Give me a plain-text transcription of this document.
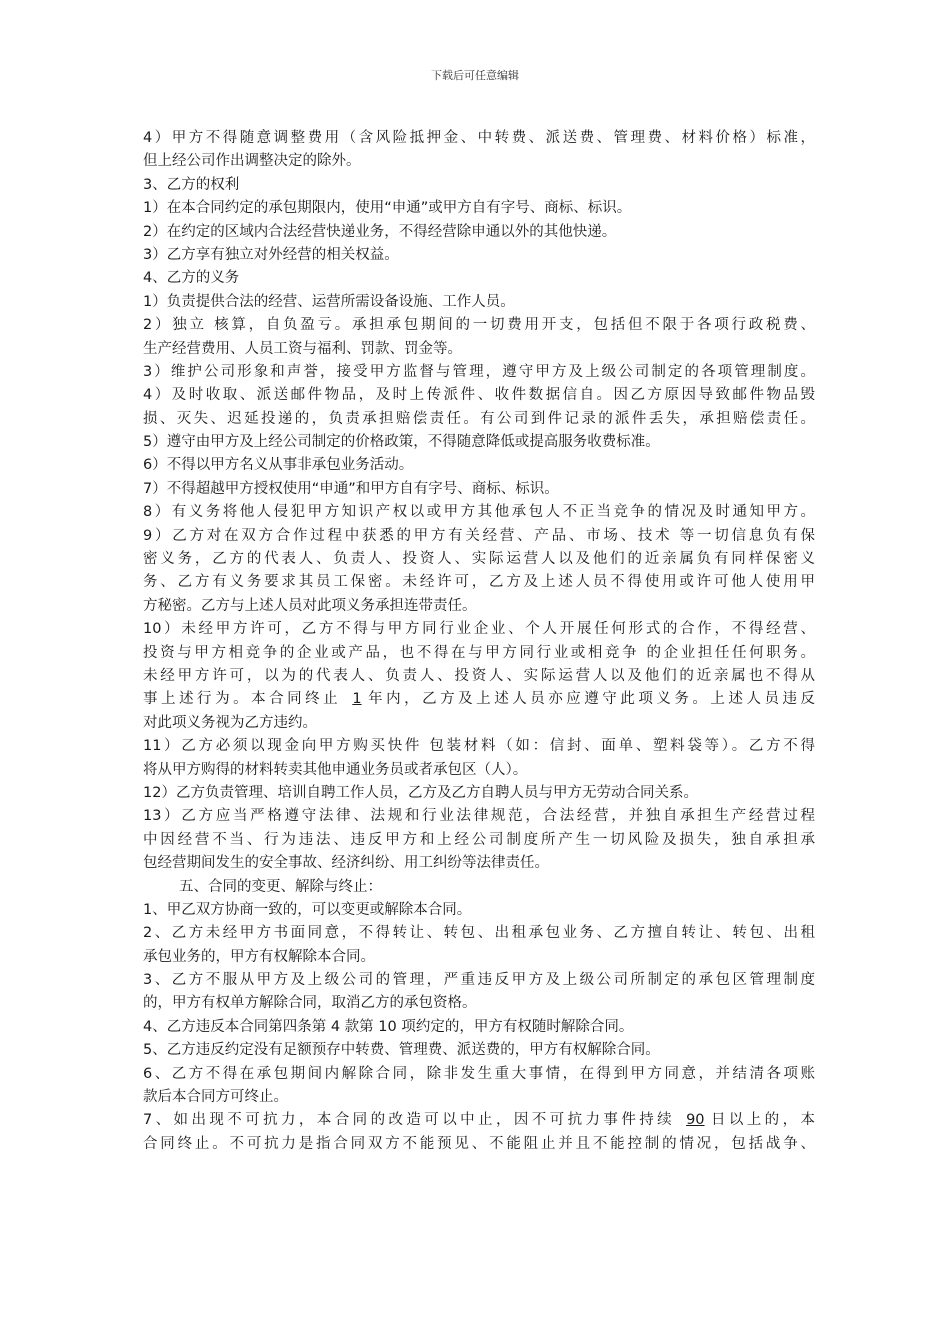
下载后可任意编辑
4）甲方不得随意调整费用（含风险抵押金、中转费、派送费、管理费、材料价格）标准，
但上经公司作出调整决定的除外。
3、乙方的权利
1）在本合同约定的承包期限内，使用“申通”或甲方自有字号、商标、标识。
2）在约定的区域内合法经营快递业务，不得经营除申通以外的其他快递。
3）乙方享有独立对外经营的相关权益。
4、乙方的义务
1）负责提供合法的经营、运营所需设备设施、工作人员。
2）独立 核算，自负盈亏。承担承包期间的一切费用开支，包括但不限于各项行政税费、
生产经营费用、人员工资与福利、罚款、罚金等。
3）维护公司形象和声誉，接受甲方监督与管理，遵守甲方及上级公司制定的各项管理制度。
4）及时收取、派送邮件物品，及时上传派件、收件数据信自。因乙方原因导致邮件物品毁
损、灭失、迟延投递的，负责承担赔偿责任。有公司到件记录的派件丢失，承担赔偿责任。
5）遵守由甲方及上经公司制定的价格政策，不得随意降低或提高服务收费标准。
6）不得以甲方名义从事非承包业务活动。
7）不得超越甲方授权使用“申通”和甲方自有字号、商标、标识。
8）有义务将他人侵犯甲方知识产权以或甲方其他承包人不正当竞争的情况及时通知甲方。
9）乙方对在双方合作过程中获悉的甲方有关经营、产品、市场、技术 等一切信息负有保
密义务，乙方的代表人、负责人、投资人、实际运营人以及他们的近亲属负有同样保密义
务、乙方有义务要求其员工保密。未经许可，乙方及上述人员不得使用或许可他人使用甲
方秘密。乙方与上述人员对此项义务承担连带责任。
10）未经甲方许可，乙方不得与甲方同行业企业、个人开展任何形式的合作，不得经营、
投资与甲方相竞争的企业或产品，也不得在与甲方同行业或相竞争 的企业担任任何职务。
未经甲方许可，以为的代表人、负责人、投资人、实际运营人以及他们的近亲属也不得从
事上述行为。本合同终止 1 年内，乙方及上述人员亦应遵守此项义务。上述人员违反
对此项义务视为乙方违约。
11）乙方必须以现金向甲方购买快件 包装材料（如：信封、面单、塑料袋等）。乙方不得
将从甲方购得的材料转卖其他申通业务员或者承包区（人）。
12）乙方负责管理、培训自聘工作人员，乙方及乙方自聘人员与甲方无劳动合同关系。
13）乙方应当严格遵守法律、法规和行业法律规范，合法经营，并独自承担生产经营过程
中因经营不当、行为违法、违反甲方和上经公司制度所产生一切风险及损失，独自承担承
包经营期间发生的安全事故、经济纠纷、用工纠纷等法律责任。
五、合同的变更、解除与终止：
1、甲乙双方协商一致的，可以变更或解除本合同。
2、乙方未经甲方书面同意，不得转让、转包、出租承包业务、乙方擅自转让、转包、出租
承包业务的，甲方有权解除本合同。
3、乙方不服从甲方及上级公司的管理，严重违反甲方及上级公司所制定的承包区管理制度
的，甲方有权单方解除合同，取消乙方的承包资格。
4、乙方违反本合同第四条第 4 款第 10 项约定的，甲方有权随时解除合同。
5、乙方违反约定没有足额预存中转费、管理费、派送费的，甲方有权解除合同。
6、乙方不得在承包期间内解除合同，除非发生重大事情，在得到甲方同意，并结清各项账
款后本合同方可终止。
7、如出现不可抗力，本合同的改造可以中止，因不可抗力事件持续 90 日以上的，本
合同终止。不可抗力是指合同双方不能预见、不能阻止并且不能控制的情况，包括战争、
